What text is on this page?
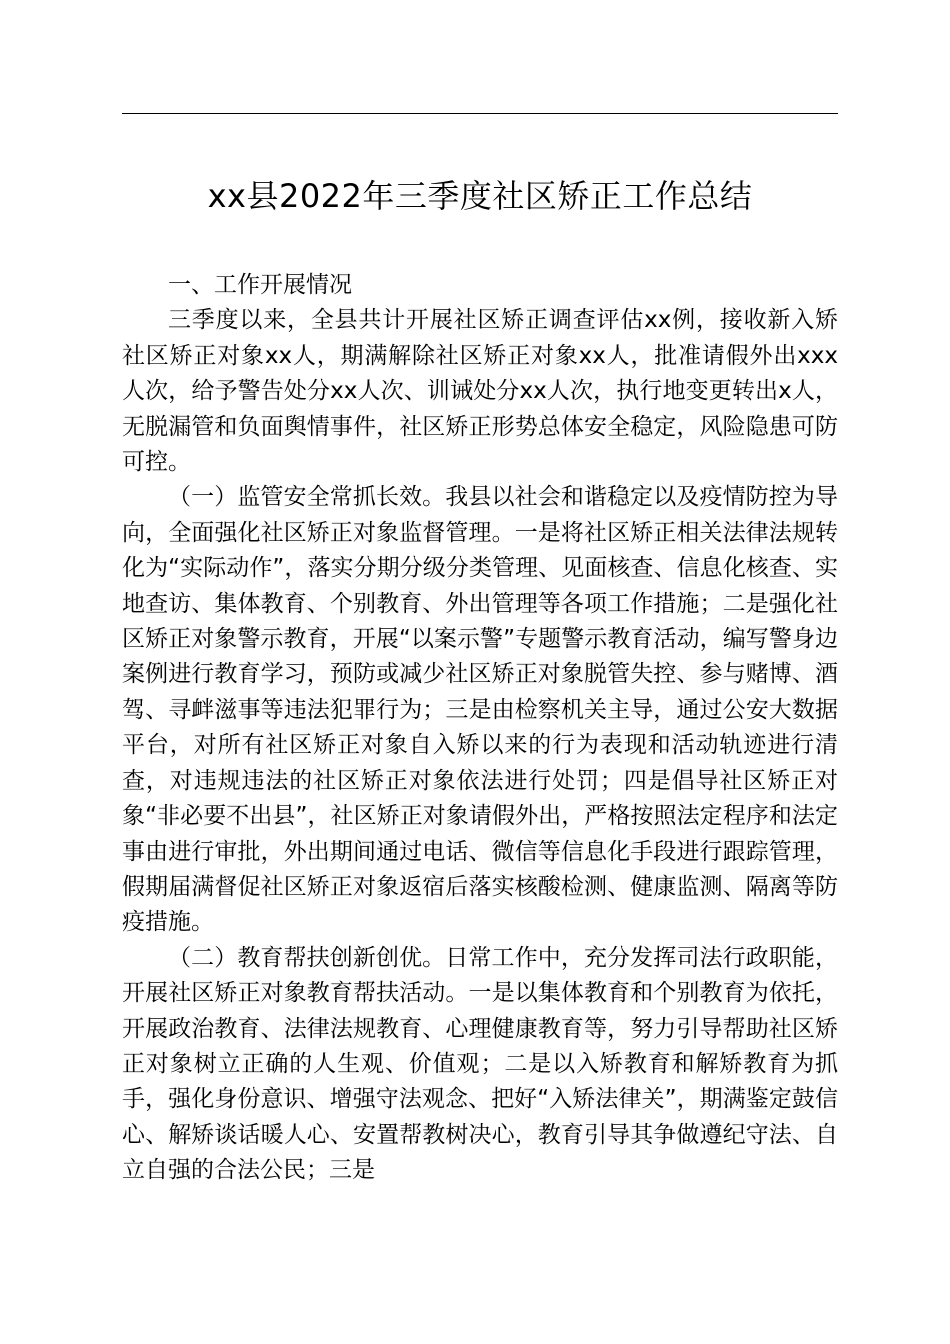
xx县2022年三季度社区矫正工作总结

一、工作开展情况

三季度以来，全县共计开展社区矫正调查评估xx例，接收新入矫社区矫正对象xx人，期满解除社区矫正对象xx人，批准请假外出xxx人次，给予警告处分xx人次、训诫处分xx人次，执行地变更转出x人，无脱漏管和负面舆情事件，社区矫正形势总体安全稳定，风险隐患可防可控。

（一）监管安全常抓长效。我县以社会和谐稳定以及疫情防控为导向，全面强化社区矫正对象监督管理。一是将社区矫正相关法律法规转化为“实际动作”，落实分期分级分类管理、见面核查、信息化核查、实地查访、集体教育、个别教育、外出管理等各项工作措施；二是强化社区矫正对象警示教育，开展“以案示警”专题警示教育活动，编写警身边案例进行教育学习，预防或减少社区矫正对象脱管失控、参与赌博、酒驾、寻衅滋事等违法犯罪行为；三是由检察机关主导，通过公安大数据平台，对所有社区矫正对象自入矫以来的行为表现和活动轨迹进行清查，对违规违法的社区矫正对象依法进行处罚；四是倡导社区矫正对象“非必要不出县”，社区矫正对象请假外出，严格按照法定程序和法定事由进行审批，外出期间通过电话、微信等信息化手段进行跟踪管理，假期届满督促社区矫正对象返宿后落实核酸检测、健康监测、隔离等防疫措施。

（二）教育帮扶创新创优。日常工作中，充分发挥司法行政职能，开展社区矫正对象教育帮扶活动。一是以集体教育和个别教育为依托，开展政治教育、法律法规教育、心理健康教育等，努力引导帮助社区矫正对象树立正确的人生观、价值观；二是以入矫教育和解矫教育为抓手，强化身份意识、增强守法观念、把好“入矫法律关”，期满鉴定鼓信心、解矫谈话暖人心、安置帮教树决心，教育引导其争做遵纪守法、自立自强的合法公民；三是
